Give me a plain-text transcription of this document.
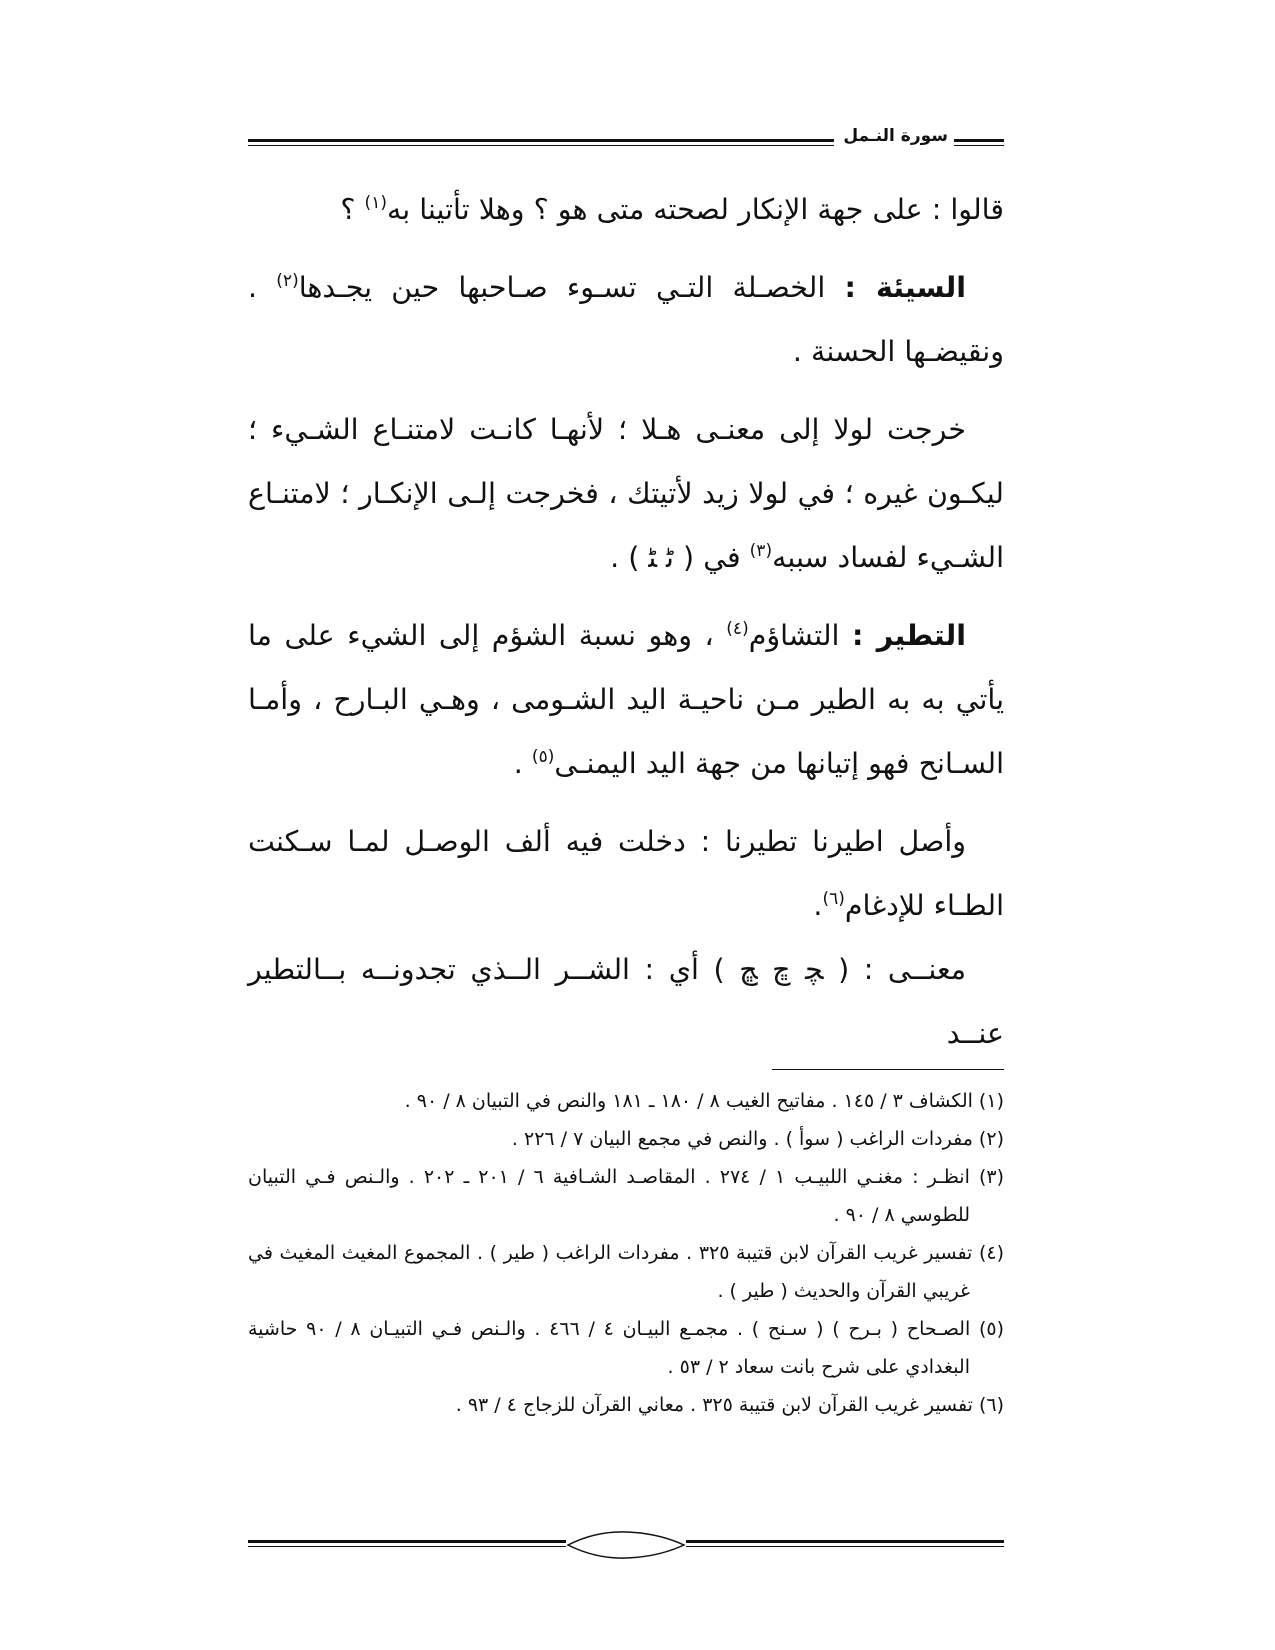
سورة النـمل

قالوا : على جهة الإنكار لصحته متى هو ؟ وهلا تأتينا به$^{(١)}$ ؟

السيئة : الخصـلة التـي تسـوء صـاحبها حين يجـدها$^{(٢)}$ . ونقيضـها الحسنة .

خرجت لولا إلى معنـى هـلا ؛ لأنهـا كانـت لامتنـاع الشـيء ؛ ليكـون غيره ؛ في لولا زيد لأتيتك ، فخرجت إلـى الإنكـار ؛ لامتنـاع الشـيء لفساد سببه$^{(٣)}$ في ( ﭨ ﭩ ) .

التطير : التشاؤم$^{(٤)}$ ، وهو نسبة الشؤم إلى الشيء على ما يأتي به به الطير مـن ناحيـة اليد الشـومى ، وهـي البـارح ، وأمـا السـانح فهو إتيانها من جهة اليد اليمنـى$^{(٥)}$ .

وأصل اطيرنا تطيرنا : دخلت فيه ألف الوصـل لمـا سـكنت الطـاء للإدغام$^{(٦)}$.

معنــى : ( ﭽ ﭾ ﭿ ) أي : الشــر الــذي تجدونــه بــالتطير عنــد

(١) الكشاف ٣ / ١٤٥ . مفاتيح الغيب ٨ / ١٨٠ ـ ١٨١ والنص في التبيان ٨ / ٩٠ .

(٢) مفردات الراغب ( سوأ ) . والنص في مجمع البيان ٧ / ٢٢٦ .

(٣) انظـر : مغنـي اللبيـب ١ / ٢٧٤ . المقاصـد الشـافية ٦ / ٢٠١ ـ ٢٠٢ . والـنص فـي التبيان للطوسي ٨ / ٩٠ .

(٤) تفسير غريب القرآن لابن قتيبة ٣٢٥ . مفردات الراغب ( طير ) . المجموع المغيث المغيث في غريبي القرآن والحديث ( طير ) .

(٥) الصـحاح ( بـرح ) ( سـنح ) . مجمـع البيـان ٤ / ٤٦٦ . والـنص فـي التبيـان ٨ / ٩٠ حاشية البغدادي على شرح بانت سعاد ٢ / ٥٣ .

(٦) تفسير غريب القرآن لابن قتيبة ٣٢٥ . معاني القرآن للزجاج ٤ / ٩٣ .
